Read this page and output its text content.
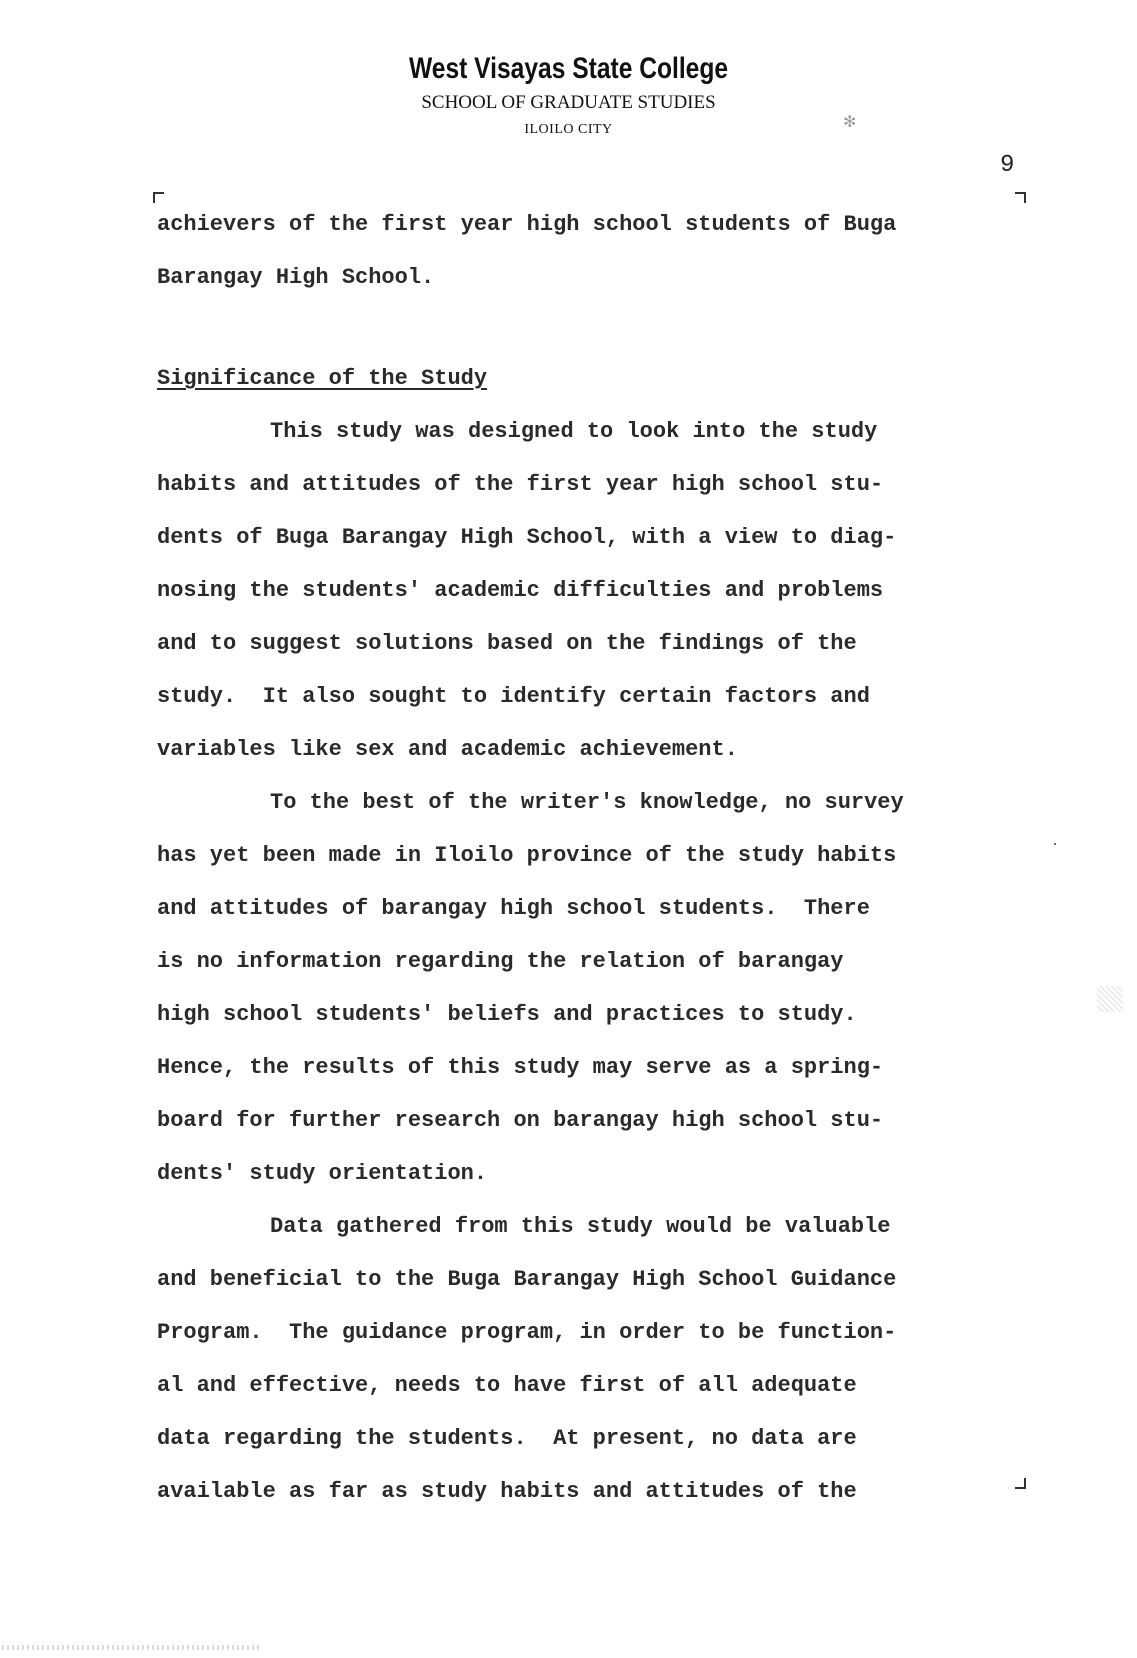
West Visayas State College
SCHOOL OF GRADUATE STUDIES
ILOILO CITY	✻
9
achievers of the first year high school students of Buga
Barangay High School.
Significance of the Study
This study was designed to look into the study
habits and attitudes of the first year high school stu-
dents of Buga Barangay High School, with a view to diag-
nosing the students' academic difficulties and problems
and to suggest solutions based on the findings of the
study.  It also sought to identify certain factors and
variables like sex and academic achievement.
To the best of the writer's knowledge, no survey
has yet been made in Iloilo province of the study habits
and attitudes of barangay high school students.  There
is no information regarding the relation of barangay
high school students' beliefs and practices to study.
Hence, the results of this study may serve as a spring-
board for further research on barangay high school stu-
dents' study orientation.
Data gathered from this study would be valuable
and beneficial to the Buga Barangay High School Guidance
Program.  The guidance program, in order to be function-
al and effective, needs to have first of all adequate
data regarding the students.  At present, no data are
available as far as study habits and attitudes of the
